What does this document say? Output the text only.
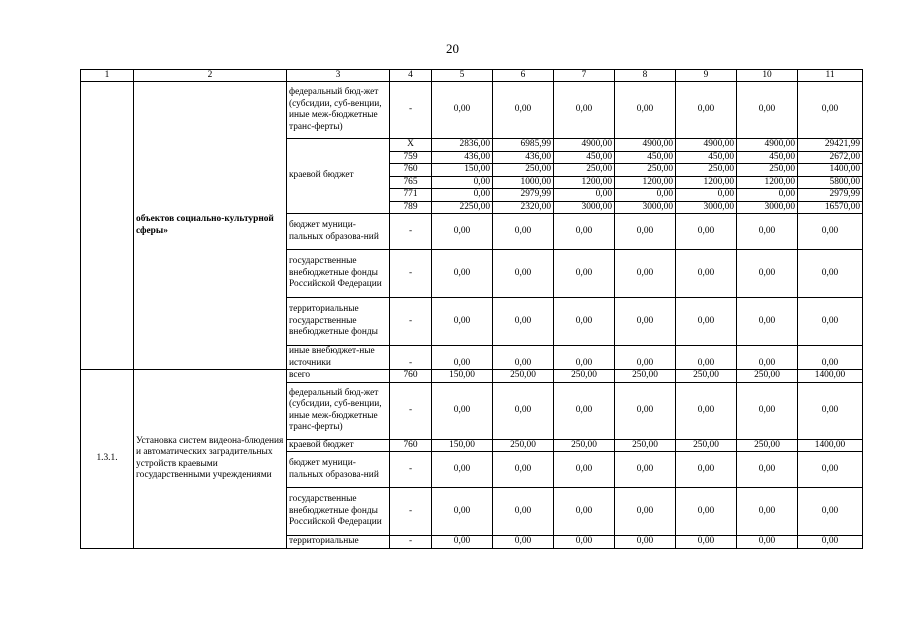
20
1	2	3	4	5	6	7	8	9	10	11
	объектов социально-культурной сферы»	федеральный бюд-жет (субсидии, суб-венции, иные меж-бюджетные транс-ферты)	-	0,00	0,00	0,00	0,00	0,00	0,00	0,00
		краевой бюджет	Х	2836,00	6985,99	4900,00	4900,00	4900,00	4900,00	29421,99
			759	436,00	436,00	450,00	450,00	450,00	450,00	2672,00
			760	150,00	250,00	250,00	250,00	250,00	250,00	1400,00
			765	0,00	1000,00	1200,00	1200,00	1200,00	1200,00	5800,00
			771	0,00	2979,99	0,00	0,00	0,00	0,00	2979,99
			789	2250,00	2320,00	3000,00	3000,00	3000,00	3000,00	16570,00
		бюджет муници-пальных образова-ний	-	0,00	0,00	0,00	0,00	0,00	0,00	0,00
		государственные внебюджетные фонды Российской Федерации	-	0,00	0,00	0,00	0,00	0,00	0,00	0,00
		территориальные государственные внебюджетные фонды	-	0,00	0,00	0,00	0,00	0,00	0,00	0,00
		иные внебюджет-ные источники	-	0,00	0,00	0,00	0,00	0,00	0,00	0,00
1.3.1.	Установка систем видеона-блюдения и автоматических заградительных устройств краевыми государственными учреждениями	всего	760	150,00	250,00	250,00	250,00	250,00	250,00	1400,00
		федеральный бюд-жет (субсидии, суб-венции, иные меж-бюджетные транс-ферты)	-	0,00	0,00	0,00	0,00	0,00	0,00	0,00
		краевой бюджет	760	150,00	250,00	250,00	250,00	250,00	250,00	1400,00
		бюджет муници-пальных образова-ний	-	0,00	0,00	0,00	0,00	0,00	0,00	0,00
		государственные внебюджетные фонды Российской Федерации	-	0,00	0,00	0,00	0,00	0,00	0,00	0,00
		территориальные	-	0,00	0,00	0,00	0,00	0,00	0,00	0,00
